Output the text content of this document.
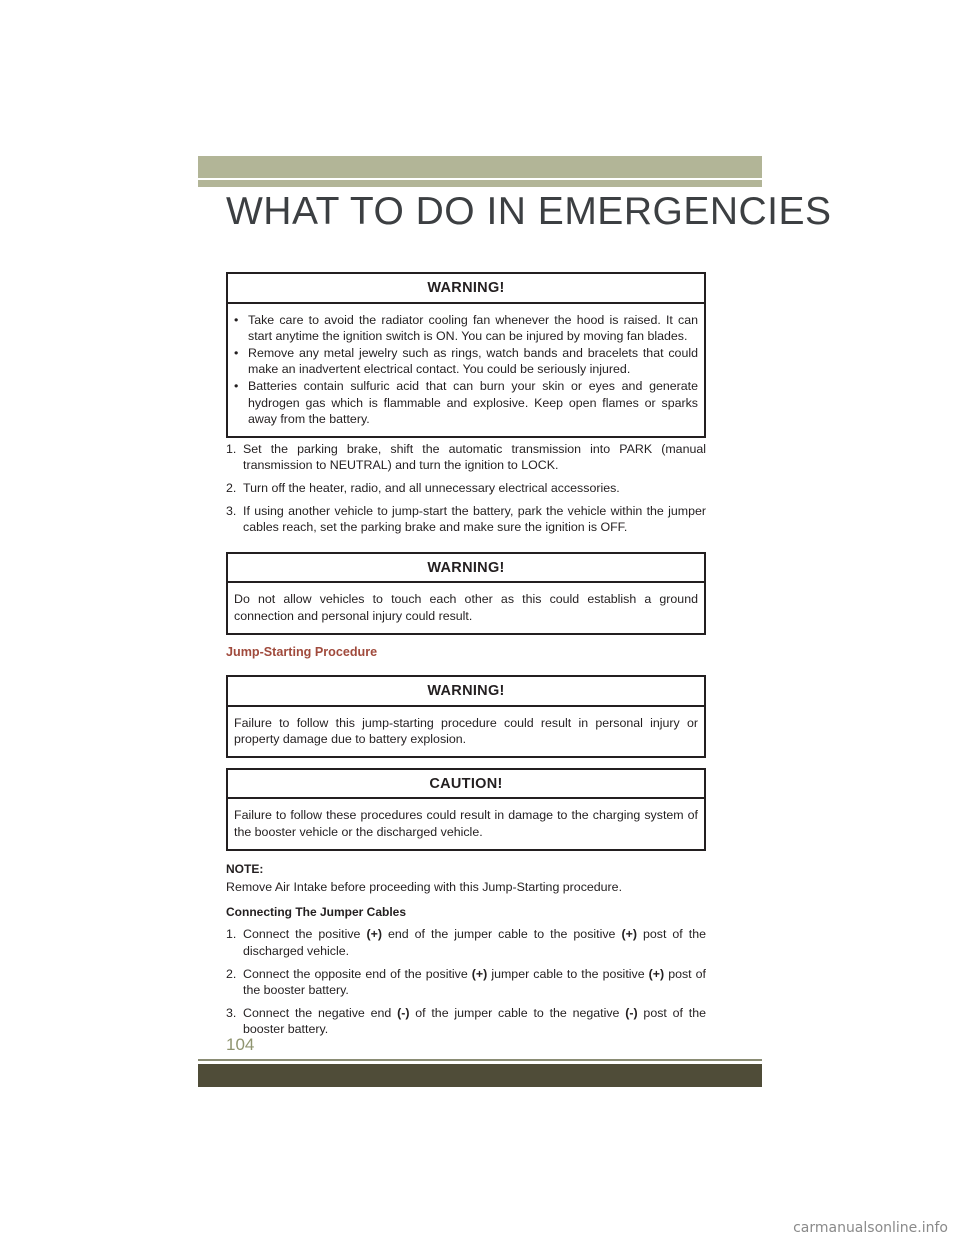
WHAT TO DO IN EMERGENCIES
WARNING!
• Take care to avoid the radiator cooling fan whenever the hood is raised. It can start anytime the ignition switch is ON. You can be injured by moving fan blades.
• Remove any metal jewelry such as rings, watch bands and bracelets that could make an inadvertent electrical contact. You could be seriously injured.
• Batteries contain sulfuric acid that can burn your skin or eyes and generate hydrogen gas which is flammable and explosive. Keep open flames or sparks away from the battery.
1. Set the parking brake, shift the automatic transmission into PARK (manual transmission to NEUTRAL) and turn the ignition to LOCK.
2. Turn off the heater, radio, and all unnecessary electrical accessories.
3. If using another vehicle to jump-start the battery, park the vehicle within the jumper cables reach, set the parking brake and make sure the ignition is OFF.
WARNING!
Do not allow vehicles to touch each other as this could establish a ground connection and personal injury could result.
Jump-Starting Procedure
WARNING!
Failure to follow this jump-starting procedure could result in personal injury or property damage due to battery explosion.
CAUTION!
Failure to follow these procedures could result in damage to the charging system of the booster vehicle or the discharged vehicle.
NOTE:
Remove Air Intake before proceeding with this Jump-Starting procedure.
Connecting The Jumper Cables
1. Connect the positive (+) end of the jumper cable to the positive (+) post of the discharged vehicle.
2. Connect the opposite end of the positive (+) jumper cable to the positive (+) post of the booster battery.
3. Connect the negative end (-) of the jumper cable to the negative (-) post of the booster battery.
104
carmanualsonline.info
